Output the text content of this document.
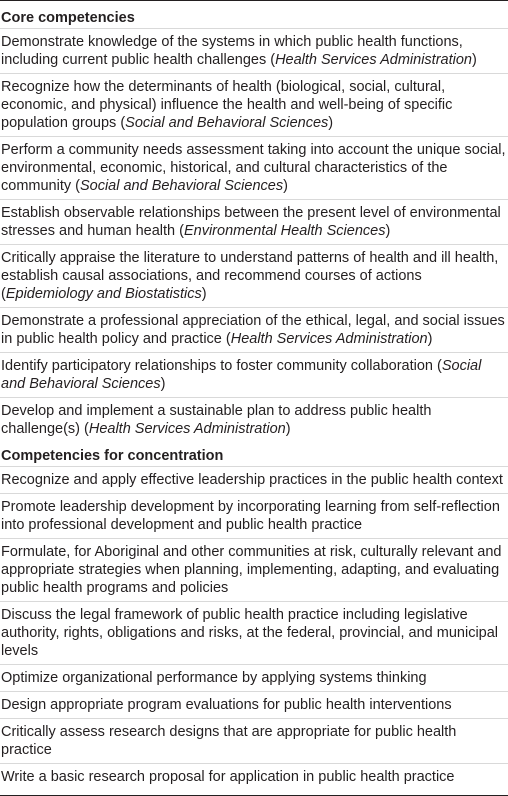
Core competencies
Demonstrate knowledge of the systems in which public health functions, including current public health challenges (Health Services Administration)
Recognize how the determinants of health (biological, social, cultural, economic, and physical) influence the health and well-being of specific population groups (Social and Behavioral Sciences)
Perform a community needs assessment taking into account the unique social, environmental, economic, historical, and cultural characteristics of the community (Social and Behavioral Sciences)
Establish observable relationships between the present level of environmental stresses and human health (Environmental Health Sciences)
Critically appraise the literature to understand patterns of health and ill health, establish causal associations, and recommend courses of actions (Epidemiology and Biostatistics)
Demonstrate a professional appreciation of the ethical, legal, and social issues in public health policy and practice (Health Services Administration)
Identify participatory relationships to foster community collaboration (Social and Behavioral Sciences)
Develop and implement a sustainable plan to address public health challenge(s) (Health Services Administration)
Competencies for concentration
Recognize and apply effective leadership practices in the public health context
Promote leadership development by incorporating learning from self-reflection into professional development and public health practice
Formulate, for Aboriginal and other communities at risk, culturally relevant and appropriate strategies when planning, implementing, adapting, and evaluating public health programs and policies
Discuss the legal framework of public health practice including legislative authority, rights, obligations and risks, at the federal, provincial, and municipal levels
Optimize organizational performance by applying systems thinking
Design appropriate program evaluations for public health interventions
Critically assess research designs that are appropriate for public health practice
Write a basic research proposal for application in public health practice
